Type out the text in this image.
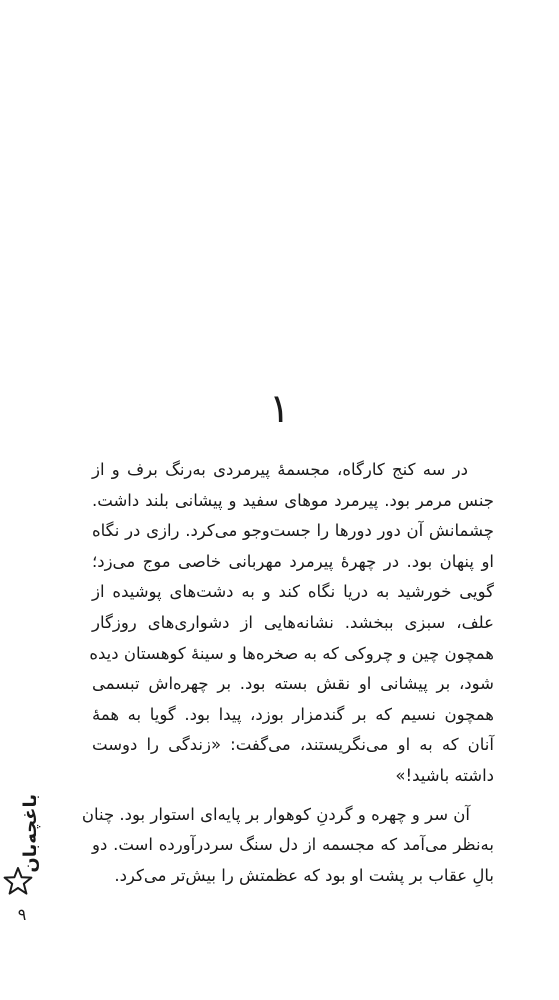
۱
در سه کنج کارگاه، مجسمهٔ پیرمردی به‌رنگ برف و از
جنس مرمر بود. پیرمرد موهای سفید و پیشانی بلند داشت.
چشمانش آن دور دورها را جست‌وجو می‌کرد. رازی در نگاه
او پنهان بود. در چهرهٔ پیرمرد مهربانی خاصی موج می‌زد؛
گویی خورشید به دریا نگاه کند و به دشت‌های پوشیده از
علف، سبزی ببخشد. نشانه‌هایی از دشواری‌های روزگار
همچون چین و چروکی که به صخره‌ها و سینهٔ کوهستان دیده
شود، بر پیشانی او نقش بسته بود. بر چهره‌اش تبسمی
همچون نسیم که بر گندمزار بوزد، پیدا بود. گویا به همهٔ
آنان که به او می‌نگریستند، می‌گفت: «زندگی را دوست
داشته باشید!»
آن سر و چهره و گردنِ کوهوار بر پایه‌ای استوار بود. چنان
به‌نظر می‌آمد که مجسمه از دل سنگ سردرآورده است. دو
بالِ عقاب بر پشت او بود که عظمتش را بیش‌تر می‌کرد.
باغچه‌بان
۹
